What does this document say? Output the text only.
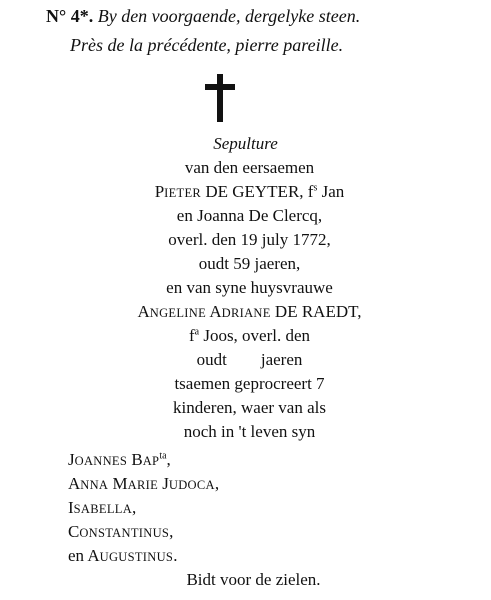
N° 4*. By den voorgaende, dergelyke steen.
Près de la précédente, pierre pareille.
Sepulture
van den eersaemen
PIETER DE GEYTER, $f^s$ Jan
en Joanna De Clercq,
overl. den 19 july 1772,
oudt 59 jaeren,
en van syne huysvrauwe
ANGELINE ADRIANE DE RAEDT,
$f^a$ Joos, overl. den
oudt jaeren
tsaemen geprocreert 7
kinderen, waer van als
noch in 't leven syn
JOANNES $BAP^{ta}$,
ANNA MARIE JUDOCA,
ISABELLA,
CONSTANTINUS,
en AUGUSTINUS.
Bidt voor de zielen.
